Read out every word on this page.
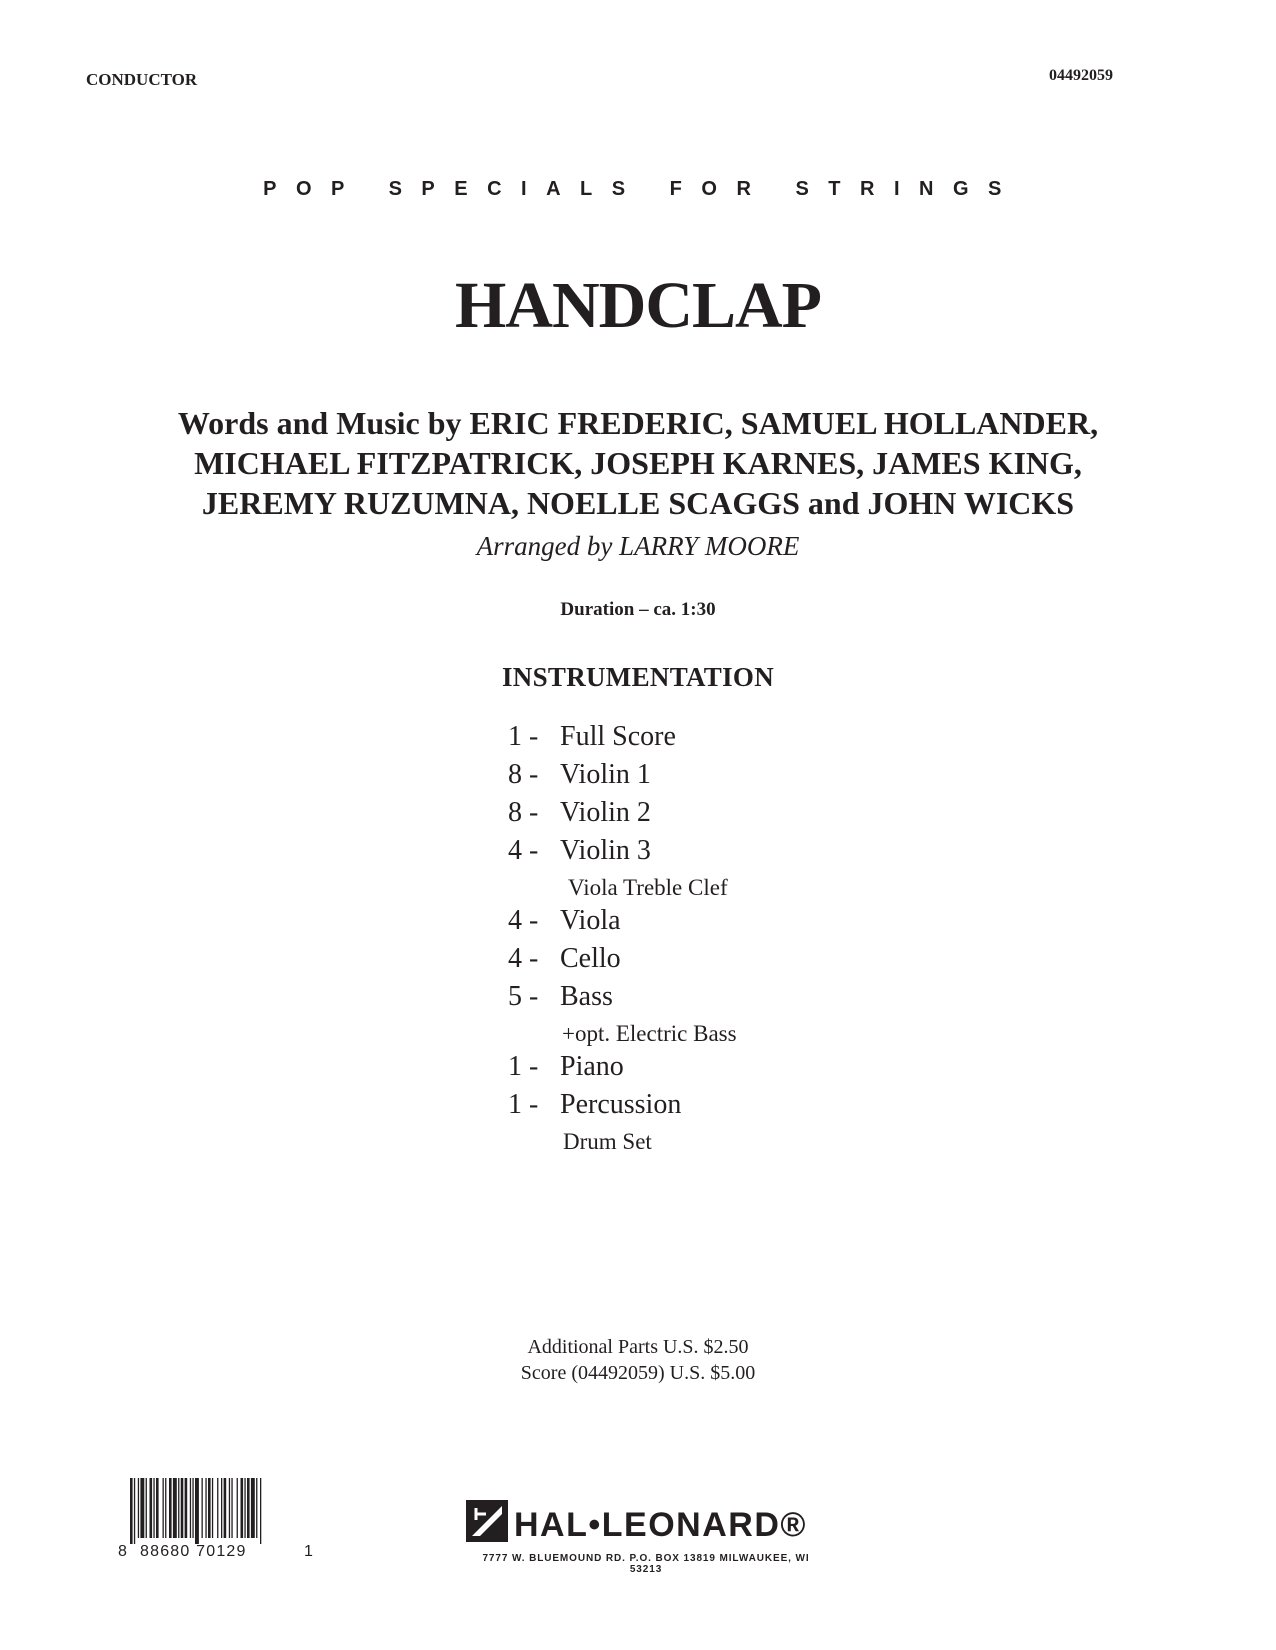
CONDUCTOR	04492059
POP SPECIALS FOR STRINGS
HANDCLAP
Words and Music by ERIC FREDERIC, SAMUEL HOLLANDER,
MICHAEL FITZPATRICK, JOSEPH KARNES, JAMES KING,
JEREMY RUZUMNA, NOELLE SCAGGS and JOHN WICKS
Arranged by LARRY MOORE
Duration – ca. 1:30
INSTRUMENTATION
1 - Full Score
8 - Violin 1
8 - Violin 2
4 - Violin 3
Viola Treble Clef
4 - Viola
4 - Cello
5 - Bass
+opt. Electric Bass
1 - Piano
1 - Percussion
Drum Set
Additional Parts U.S. $2.50
Score (04492059) U.S. $5.00
8 88680 70129	1
HAL•LEONARD®
7777 W. BLUEMOUND RD. P.O. BOX 13819 MILWAUKEE, WI 53213
